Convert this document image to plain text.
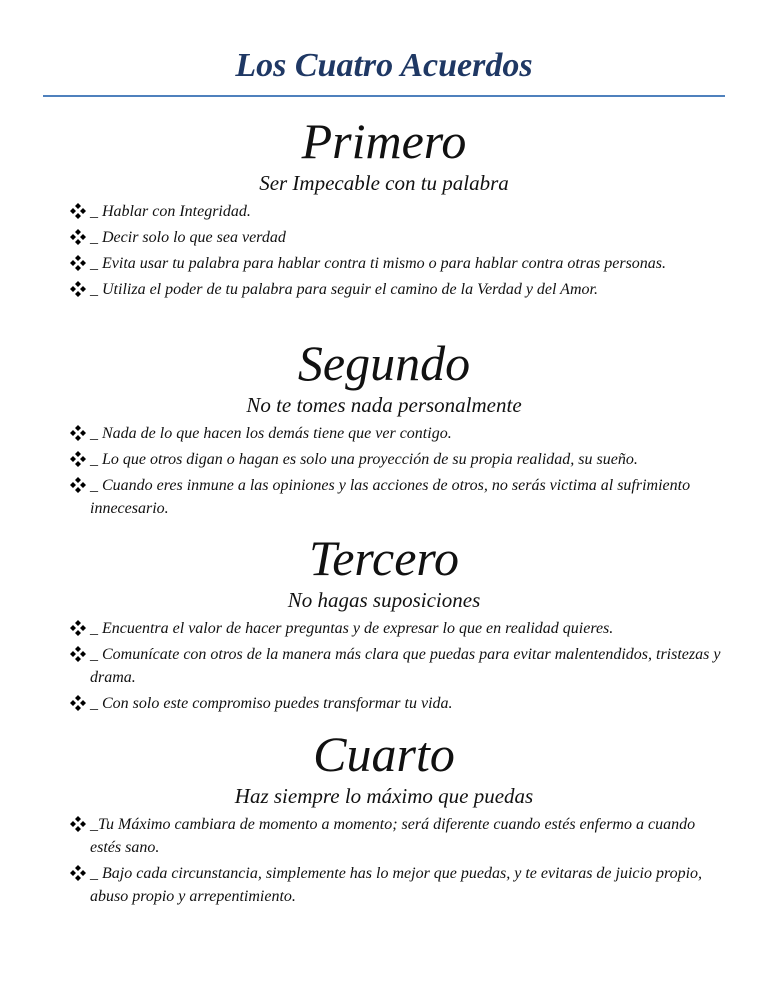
Los Cuatro Acuerdos
Primero
Ser Impecable con tu palabra
_ Hablar con Integridad.
_ Decir solo lo que sea verdad
_ Evita usar tu palabra para hablar contra ti mismo o para hablar contra otras personas.
_ Utiliza el poder de tu palabra para seguir el camino de la Verdad y del Amor.
Segundo
No te tomes nada personalmente
_ Nada de lo que hacen los demás tiene que ver contigo.
_ Lo que otros digan o hagan es solo una proyección de su propia realidad, su sueño.
_ Cuando eres inmune a las opiniones y las acciones de otros, no serás victima al sufrimiento innecesario.
Tercero
No hagas suposiciones
_ Encuentra el valor de hacer preguntas y de expresar lo que en realidad quieres.
_ Comunícate con otros de la manera más clara que puedas para evitar malentendidos, tristezas y drama.
_ Con solo este compromiso puedes transformar tu vida.
Cuarto
Haz siempre lo máximo que puedas
_Tu Máximo cambiara de momento a momento; será diferente cuando estés enfermo a cuando estés sano.
_ Bajo cada circunstancia, simplemente has lo mejor que puedas, y te evitaras de juicio propio, abuso propio y arrepentimiento.
